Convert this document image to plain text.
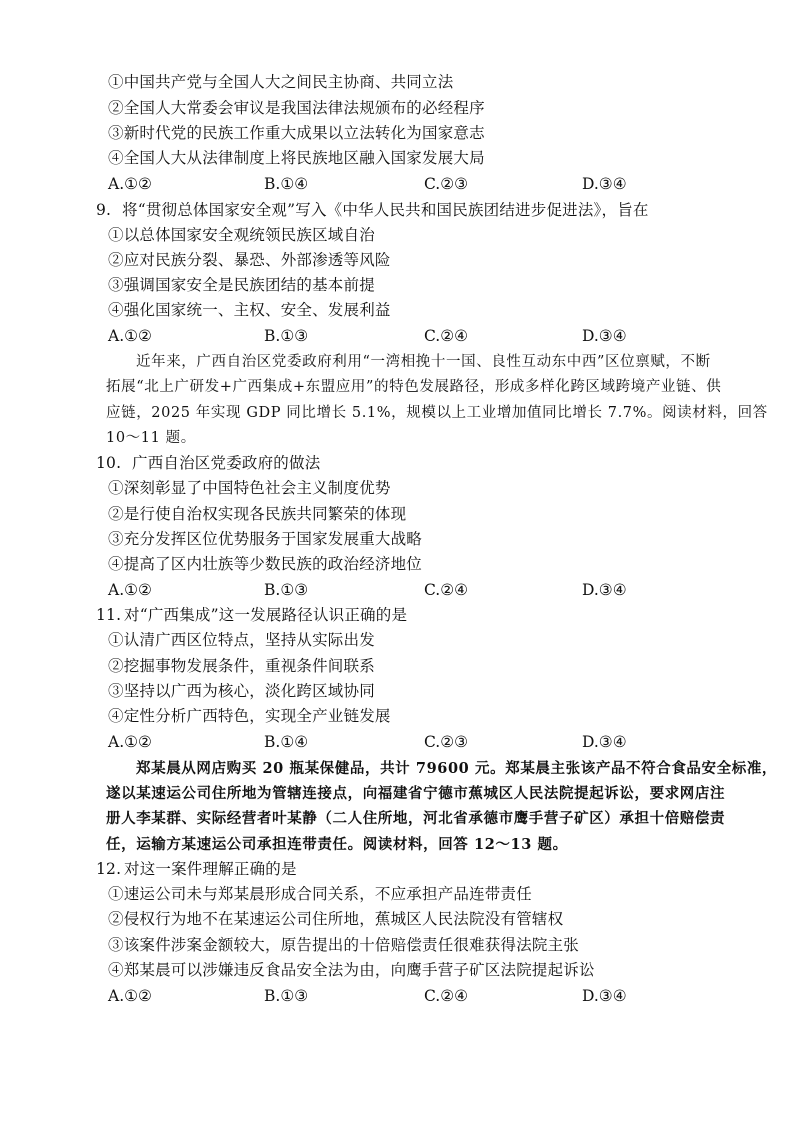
①中国共产党与全国人大之间民主协商、共同立法
②全国人大常委会审议是我国法律法规颁布的必经程序
③新时代党的民族工作重大成果以立法转化为国家意志
④全国人大从法律制度上将民族地区融入国家发展大局
A.①②	B.①④	C.②③	D.③④
9. 将“贯彻总体国家安全观”写入《中华人民共和国民族团结进步促进法》，旨在
①以总体国家安全观统领民族区域自治
②应对民族分裂、暴恐、外部渗透等风险
③强调国家安全是民族团结的基本前提
④强化国家统一、主权、安全、发展利益
A.①②	B.①③	C.②④	D.③④
近年来，广西自治区党委政府利用“一湾相挽十一国、良性互动东中西”区位禀赋，不断
拓展“北上广研发+广西集成+东盟应用”的特色发展路径，形成多样化跨区域跨境产业链、供
应链，2025 年实现 GDP 同比增长 5.1%，规模以上工业增加值同比增长 7.7%。阅读材料，回答
10～11 题。
10. 广西自治区党委政府的做法
①深刻彰显了中国特色社会主义制度优势
②是行使自治权实现各民族共同繁荣的体现
③充分发挥区位优势服务于国家发展重大战略
④提高了区内壮族等少数民族的政治经济地位
A.①②	B.①③	C.②④	D.③④
11. 对“广西集成”这一发展路径认识正确的是
①认清广西区位特点，坚持从实际出发
②挖掘事物发展条件，重视条件间联系
③坚持以广西为核心，淡化跨区域协同
④定性分析广西特色，实现全产业链发展
A.①②	B.①④	C.②③	D.③④
郑某晨从网店购买 20 瓶某保健品，共计 79600 元。郑某晨主张该产品不符合食品安全标准，
遂以某速运公司住所地为管辖连接点，向福建省宁德市蕉城区人民法院提起诉讼，要求网店注
册人李某群、实际经营者叶某静（二人住所地，河北省承德市鹰手营子矿区）承担十倍赔偿责
任，运输方某速运公司承担连带责任。阅读材料，回答 12～13 题。
12. 对这一案件理解正确的是
①速运公司未与郑某晨形成合同关系，不应承担产品连带责任
②侵权行为地不在某速运公司住所地，蕉城区人民法院没有管辖权
③该案件涉案金额较大，原告提出的十倍赔偿责任很难获得法院主张
④郑某晨可以涉嫌违反食品安全法为由，向鹰手营子矿区法院提起诉讼
A.①②	B.①③	C.②④	D.③④
